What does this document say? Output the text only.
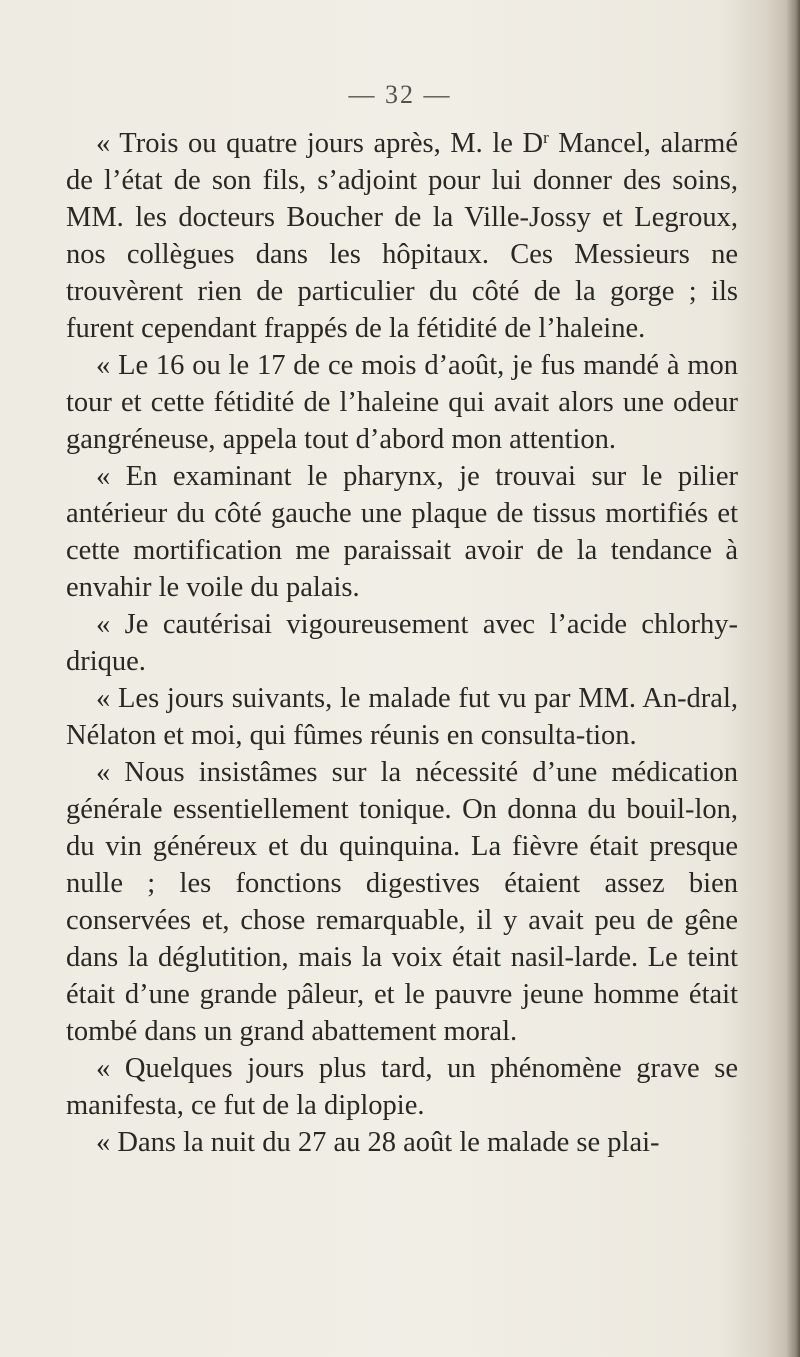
— 32 —

« Trois ou quatre jours après, M. le $D^r$ Mancel, alarmé de l’état de son fils, s’adjoint pour lui donner des soins, MM. les docteurs Boucher de la Ville-Jossy et Legroux, nos collègues dans les hôpitaux. Ces Messieurs ne trouvèrent rien de particulier du côté de la gorge ; ils furent cependant frappés de la fétidité de l’haleine.

« Le 16 ou le 17 de ce mois d’août, je fus mandé à mon tour et cette fétidité de l’haleine qui avait alors une odeur gangréneuse, appela tout d’abord mon attention.

« En examinant le pharynx, je trouvai sur le pilier antérieur du côté gauche une plaque de tissus mortifiés et cette mortification me paraissait avoir de la tendance à envahir le voile du palais.

« Je cautérisai vigoureusement avec l’acide chlorhy-drique.

« Les jours suivants, le malade fut vu par MM. An-dral, Nélaton et moi, qui fûmes réunis en consulta-tion.

« Nous insistâmes sur la nécessité d’une médication générale essentiellement tonique. On donna du bouil-lon, du vin généreux et du quinquina. La fièvre était presque nulle ; les fonctions digestives étaient assez bien conservées et, chose remarquable, il y avait peu de gêne dans la déglutition, mais la voix était nasil-larde. Le teint était d’une grande pâleur, et le pauvre jeune homme était tombé dans un grand abattement moral.

« Quelques jours plus tard, un phénomène grave se manifesta, ce fut de la diplopie.

« Dans la nuit du 27 au 28 août le malade se plai-
